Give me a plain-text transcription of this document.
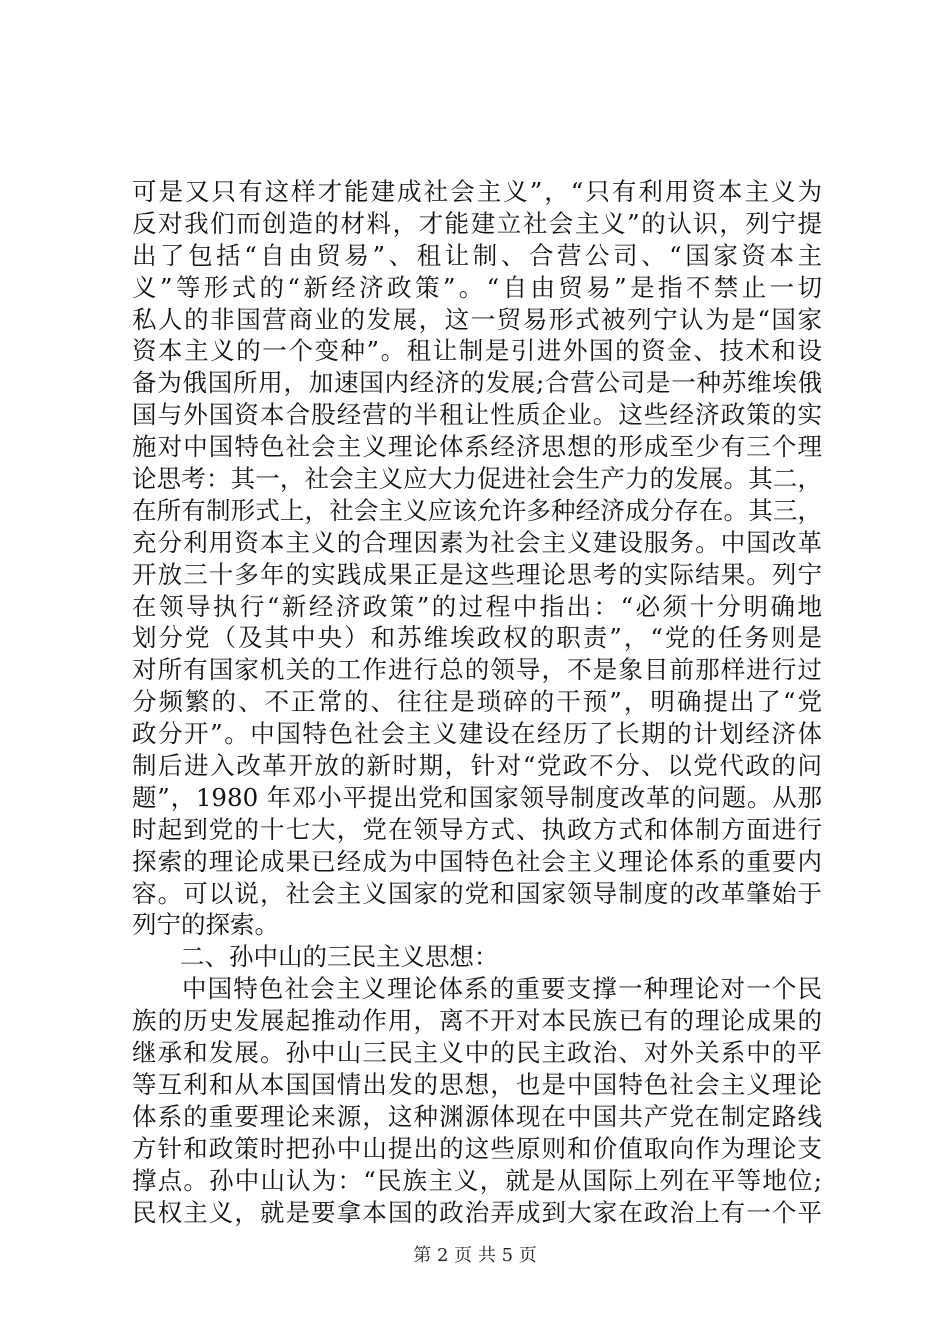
可是又只有这样才能建成社会主义”，“只有利用资本主义为
反对我们而创造的材料，才能建立社会主义”的认识，列宁提
出了包括“自由贸易”、租让制、合营公司、“国家资本主
义”等形式的“新经济政策”。“自由贸易”是指不禁止一切
私人的非国营商业的发展，这一贸易形式被列宁认为是“国家
资本主义的一个变种”。租让制是引进外国的资金、技术和设
备为俄国所用，加速国内经济的发展;合营公司是一种苏维埃俄
国与外国资本合股经营的半租让性质企业。这些经济政策的实
施对中国特色社会主义理论体系经济思想的形成至少有三个理
论思考：其一，社会主义应大力促进社会生产力的发展。其二，
在所有制形式上，社会主义应该允许多种经济成分存在。其三，
充分利用资本主义的合理因素为社会主义建设服务。中国改革
开放三十多年的实践成果正是这些理论思考的实际结果。列宁
在领导执行“新经济政策”的过程中指出：“必须十分明确地
划分党（及其中央）和苏维埃政权的职责”，“党的任务则是
对所有国家机关的工作进行总的领导，不是象目前那样进行过
分频繁的、不正常的、往往是琐碎的干预”，明确提出了“党
政分开”。中国特色社会主义建设在经历了长期的计划经济体
制后进入改革开放的新时期，针对“党政不分、以党代政的问
题”，1980 年邓小平提出党和国家领导制度改革的问题。从那
时起到党的十七大，党在领导方式、执政方式和体制方面进行
探索的理论成果已经成为中国特色社会主义理论体系的重要内
容。可以说，社会主义国家的党和国家领导制度的改革肇始于
列宁的探索。
二、孙中山的三民主义思想：
中国特色社会主义理论体系的重要支撑一种理论对一个民
族的历史发展起推动作用，离不开对本民族已有的理论成果的
继承和发展。孙中山三民主义中的民主政治、对外关系中的平
等互利和从本国国情出发的思想，也是中国特色社会主义理论
体系的重要理论来源，这种渊源体现在中国共产党在制定路线
方针和政策时把孙中山提出的这些原则和价值取向作为理论支
撑点。孙中山认为：“民族主义，就是从国际上列在平等地位;
民权主义，就是要拿本国的政治弄成到大家在政治上有一个平
第 2 页 共 5 页
